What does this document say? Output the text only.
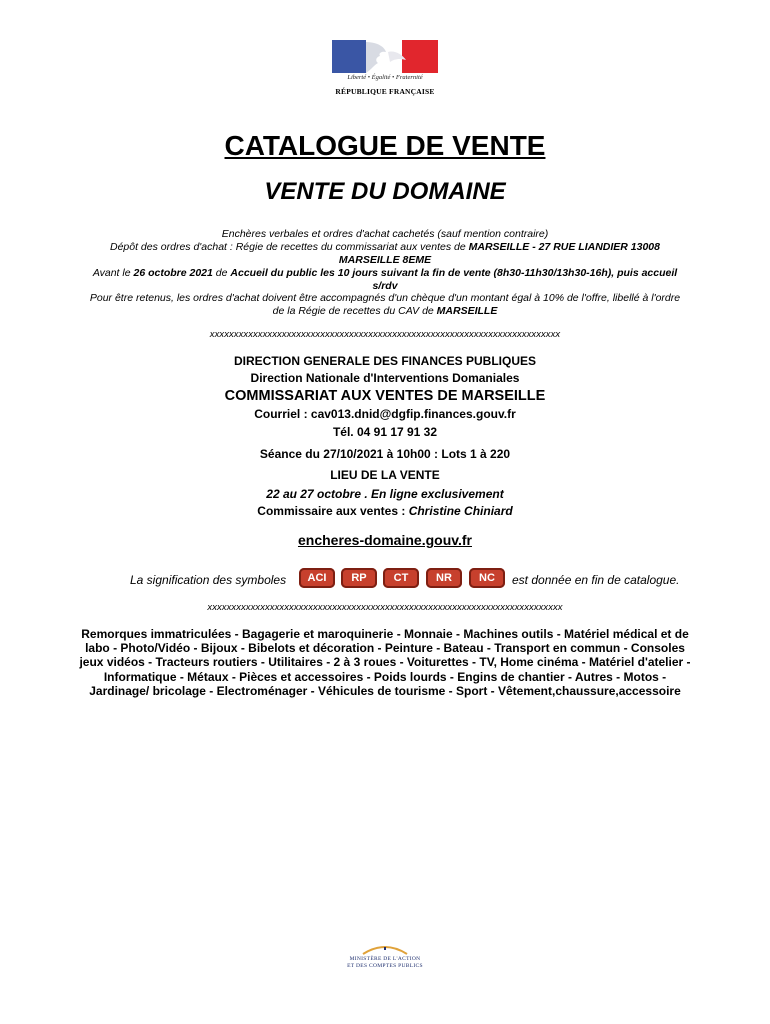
Liberté • Égalité • Fraternité
RÉPUBLIQUE FRANÇAISE
CATALOGUE DE VENTE
VENTE DU DOMAINE
Enchères verbales et ordres d'achat cachetés (sauf mention contraire)
Dépôt des ordres d'achat : Régie de recettes du commissariat aux ventes de MARSEILLE - 27 RUE LIANDIER 13008
MARSEILLE 8EME
Avant le 26 octobre 2021 de Accueil du public les 10 jours suivant la fin de vente (8h30-11h30/13h30-16h), puis accueil
s/rdv
Pour être retenus, les ordres d'achat doivent être accompagnés d'un chèque d'un montant égal à 10% de l'offre, libellé à l'ordre
de la Régie de recettes du CAV de MARSEILLE
xxxxxxxxxxxxxxxxxxxxxxxxxxxxxxxxxxxxxxxxxxxxxxxxxxxxxxxxxxxxxxxxxxxxxxxxx
DIRECTION GENERALE DES FINANCES PUBLIQUES
Direction Nationale d'Interventions Domaniales
COMMISSARIAT AUX VENTES DE MARSEILLE
Courriel : cav013.dnid@dgfip.finances.gouv.fr
Tél. 04 91 17 91 32
Séance du 27/10/2021 à 10h00 : Lots 1 à 220
LIEU DE LA VENTE
22 au 27 octobre . En ligne exclusivement
Commissaire aux ventes : Christine Chiniard
encheres-domaine.gouv.fr
La signification des symboles	ACI	RP	CT	NR	NC	est donnée en fin de catalogue.
xxxxxxxxxxxxxxxxxxxxxxxxxxxxxxxxxxxxxxxxxxxxxxxxxxxxxxxxxxxxxxxxxxxxxxxxxx
Remorques immatriculées - Bagagerie et maroquinerie - Monnaie - Machines outils - Matériel médical et de
labo - Photo/Vidéo - Bijoux - Bibelots et décoration - Peinture - Bateau - Transport en commun - Consoles
jeux vidéos - Tracteurs routiers - Utilitaires - 2 à 3 roues - Voiturettes - TV, Home cinéma - Matériel d'atelier -
Informatique - Métaux - Pièces et accessoires - Poids lourds - Engins de chantier - Autres - Motos -
Jardinage/ bricolage - Electroménager - Véhicules de tourisme - Sport - Vêtement,chaussure,accessoire
MINISTÈRE DE L'ACTION
ET DES COMPTES PUBLICS
